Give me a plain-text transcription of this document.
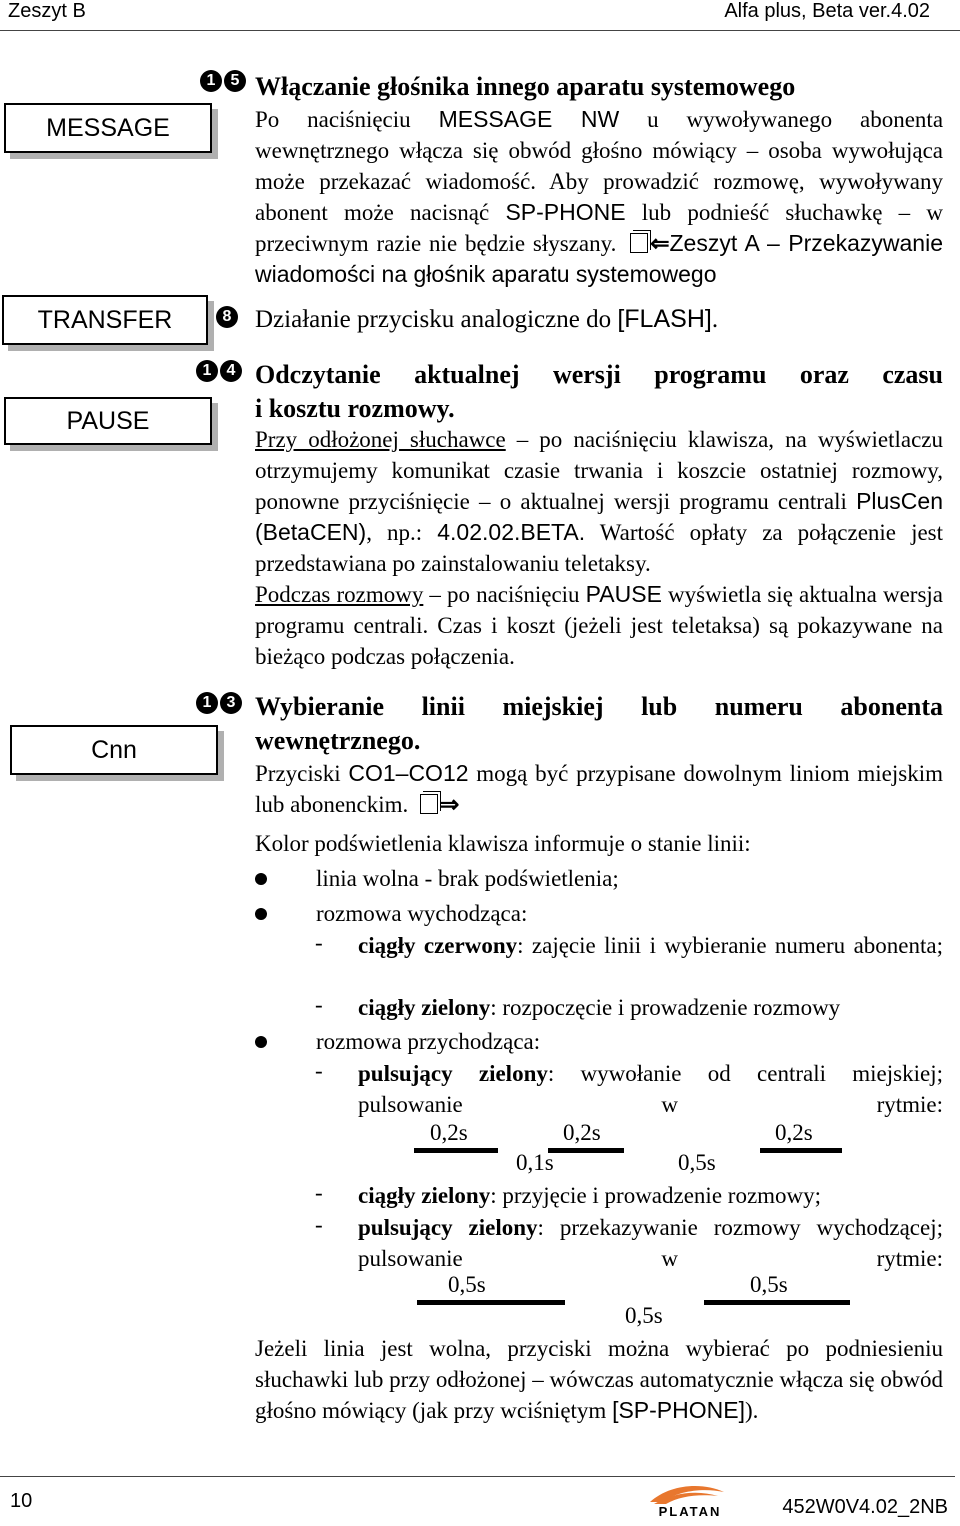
Zeszyt B	Alfa plus, Beta ver.4.02
MESSAGE
TRANSFER
PAUSE
Cnn
1 5 Włączanie głośnika innego aparatu systemowego
Po naciśnięciu MESSAGE NW u wywoływanego abonenta wewnętrznego włącza się obwód głośno mówiący – osoba wywołująca może przekazać wiadomość. Aby prowadzić rozmowę, wywoływany abonent może nacisnąć SP-PHONE lub podnieść słuchawkę – w przeciwnym razie nie będzie słyszany. ⇐Zeszyt A – Przekazywanie wiadomości na głośnik aparatu systemowego
8 Działanie przycisku analogiczne do [FLASH].
1 4 Odczytanie aktualnej wersji programu oraz czasu
i kosztu rozmowy.
Przy odłożonej słuchawce – po naciśnięciu klawisza, na wyświetlaczu otrzymujemy komunikat czasie trwania i koszcie ostatniej rozmowy, ponowne przyciśnięcie – o aktualnej wersji programu centrali PlusCen (BetaCEN), np.: 4.02.02.BETA. Wartość opłaty za połączenie jest przedstawiana po zainstalowaniu teletaksy.
Podczas rozmowy – po naciśnięciu PAUSE wyświetla się aktualna wersja programu centrali. Czas i koszt (jeżeli jest teletaksa) są pokazywane na bieżąco podczas połączenia.
1 3 Wybieranie linii miejskiej lub numeru abonenta
wewnętrznego.
Przyciski CO1–CO12 mogą być przypisane dowolnym liniom miejskim lub abonenckim. ⇒
Kolor podświetlenia klawisza informuje o stanie linii:
linia wolna - brak podświetlenia;
rozmowa wychodząca:
- ciągły czerwony: zajęcie linii i wybieranie numeru abonenta;
- ciągły zielony: rozpoczęcie i prowadzenie rozmowy
rozmowa przychodząca:
- pulsujący zielony: wywołanie od centrali miejskiej; pulsowanie w rytmie:
0,2s	0,2s	0,2s
0,1s	0,5s
- ciągły zielony: przyjęcie i prowadzenie rozmowy;
- pulsujący zielony: przekazywanie rozmowy wychodzącej; pulsowanie w rytmie:
0,5s	0,5s
0,5s
Jeżeli linia jest wolna, przyciski można wybierać po podniesieniu słuchawki lub przy odłożonej – wówczas automatycznie włącza się obwód głośno mówiący (jak przy wciśniętym [SP-PHONE]).
10	PLATAN	452W0V4.02_2NB
